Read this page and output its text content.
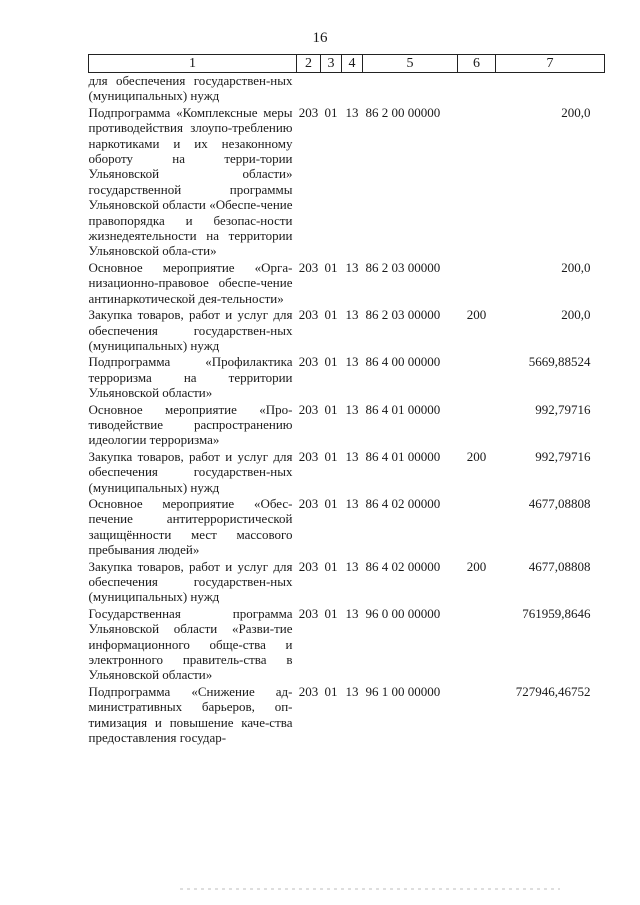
16
1	2	3	4	5	6	7
для обеспечения государствен-ных (муниципальных) нужд						
Подпрограмма «Комплексные меры противодействия злоупо-треблению наркотиками и их незаконному обороту на терри-тории Ульяновской области» государственной программы Ульяновской области «Обеспе-чение правопорядка и безопас-ности жизнедеятельности на территории Ульяновской обла-сти»	203	01	13	86 2 00 00000		200,0
Основное мероприятие «Орга-низационно-правовое обеспе-чение антинаркотической дея-тельности»	203	01	13	86 2 03 00000		200,0
Закупка товаров, работ и услуг для обеспечения государствен-ных (муниципальных) нужд	203	01	13	86 2 03 00000	200	200,0
Подпрограмма «Профилактика терроризма на территории Ульяновской области»	203	01	13	86 4 00 00000		5669,88524
Основное мероприятие «Про-тиводействие распространению идеологии терроризма»	203	01	13	86 4 01 00000		992,79716
Закупка товаров, работ и услуг для обеспечения государствен-ных (муниципальных) нужд	203	01	13	86 4 01 00000	200	992,79716
Основное мероприятие «Обес-печение антитеррористической защищённости мест массового пребывания людей»	203	01	13	86 4 02 00000		4677,08808
Закупка товаров, работ и услуг для обеспечения государствен-ных (муниципальных) нужд	203	01	13	86 4 02 00000	200	4677,08808
Государственная программа Ульяновской области «Разви-тие информационного обще-ства и электронного правитель-ства в Ульяновской области»	203	01	13	96 0 00 00000		761959,8646
Подпрограмма «Снижение ад-министративных барьеров, оп-тимизация и повышение каче-ства предоставления государ-	203	01	13	96 1 00 00000		727946,46752
